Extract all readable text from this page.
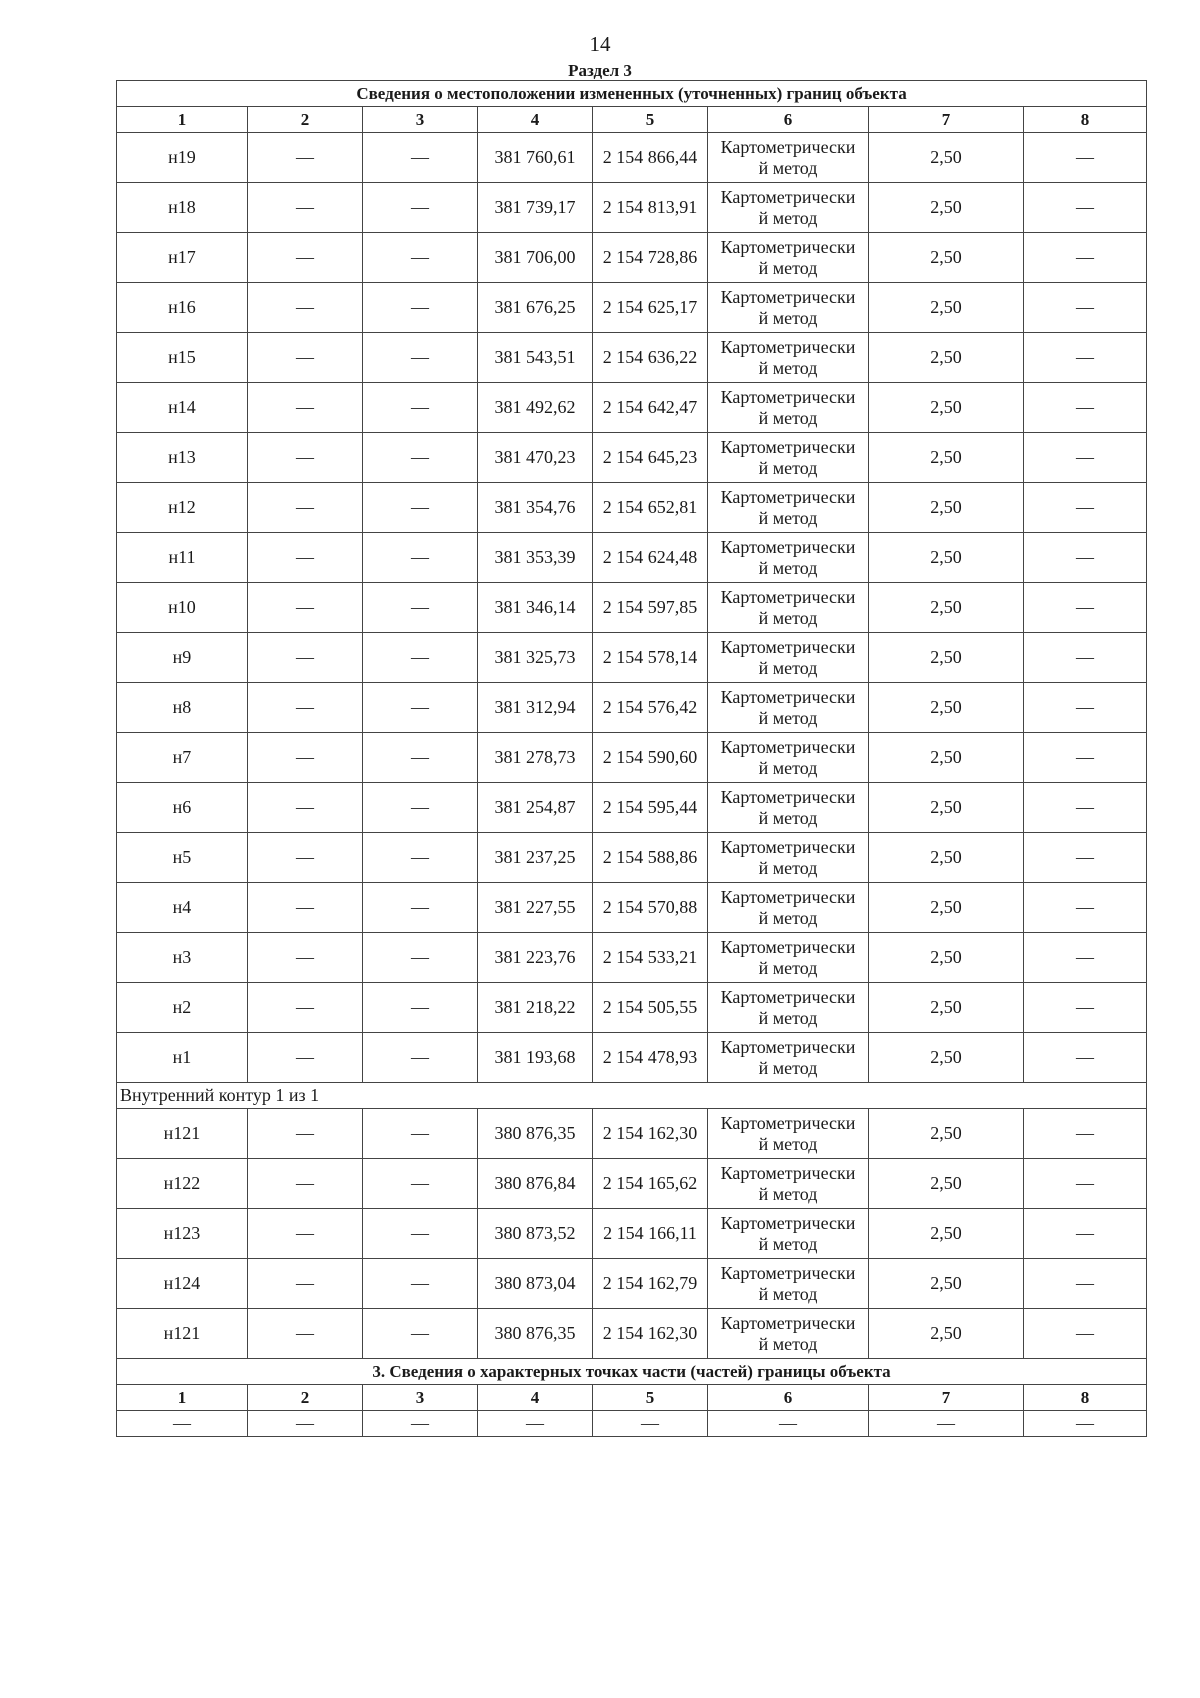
14
Раздел 3
Сведения о местоположении измененных (уточненных) границ объекта							
1	2	3	4	5	6	7	8
н19	—	—	381 760,61	2 154 866,44	Картометрически
й метод	2,50	—
н18	—	—	381 739,17	2 154 813,91	Картометрически
й метод	2,50	—
н17	—	—	381 706,00	2 154 728,86	Картометрически
й метод	2,50	—
н16	—	—	381 676,25	2 154 625,17	Картометрически
й метод	2,50	—
н15	—	—	381 543,51	2 154 636,22	Картометрически
й метод	2,50	—
н14	—	—	381 492,62	2 154 642,47	Картометрически
й метод	2,50	—
н13	—	—	381 470,23	2 154 645,23	Картометрически
й метод	2,50	—
н12	—	—	381 354,76	2 154 652,81	Картометрически
й метод	2,50	—
н11	—	—	381 353,39	2 154 624,48	Картометрически
й метод	2,50	—
н10	—	—	381 346,14	2 154 597,85	Картометрически
й метод	2,50	—
н9	—	—	381 325,73	2 154 578,14	Картометрически
й метод	2,50	—
н8	—	—	381 312,94	2 154 576,42	Картометрически
й метод	2,50	—
н7	—	—	381 278,73	2 154 590,60	Картометрически
й метод	2,50	—
н6	—	—	381 254,87	2 154 595,44	Картометрически
й метод	2,50	—
н5	—	—	381 237,25	2 154 588,86	Картометрически
й метод	2,50	—
н4	—	—	381 227,55	2 154 570,88	Картометрически
й метод	2,50	—
н3	—	—	381 223,76	2 154 533,21	Картометрически
й метод	2,50	—
н2	—	—	381 218,22	2 154 505,55	Картометрически
й метод	2,50	—
н1	—	—	381 193,68	2 154 478,93	Картометрически
й метод	2,50	—
Внутренний контур 1 из 1							
н121	—	—	380 876,35	2 154 162,30	Картометрически
й метод	2,50	—
н122	—	—	380 876,84	2 154 165,62	Картометрически
й метод	2,50	—
н123	—	—	380 873,52	2 154 166,11	Картометрически
й метод	2,50	—
н124	—	—	380 873,04	2 154 162,79	Картометрически
й метод	2,50	—
н121	—	—	380 876,35	2 154 162,30	Картометрически
й метод	2,50	—
3. Сведения о характерных точках части (частей) границы объекта							
1	2	3	4	5	6	7	8
—	—	—	—	—	—	—	—
